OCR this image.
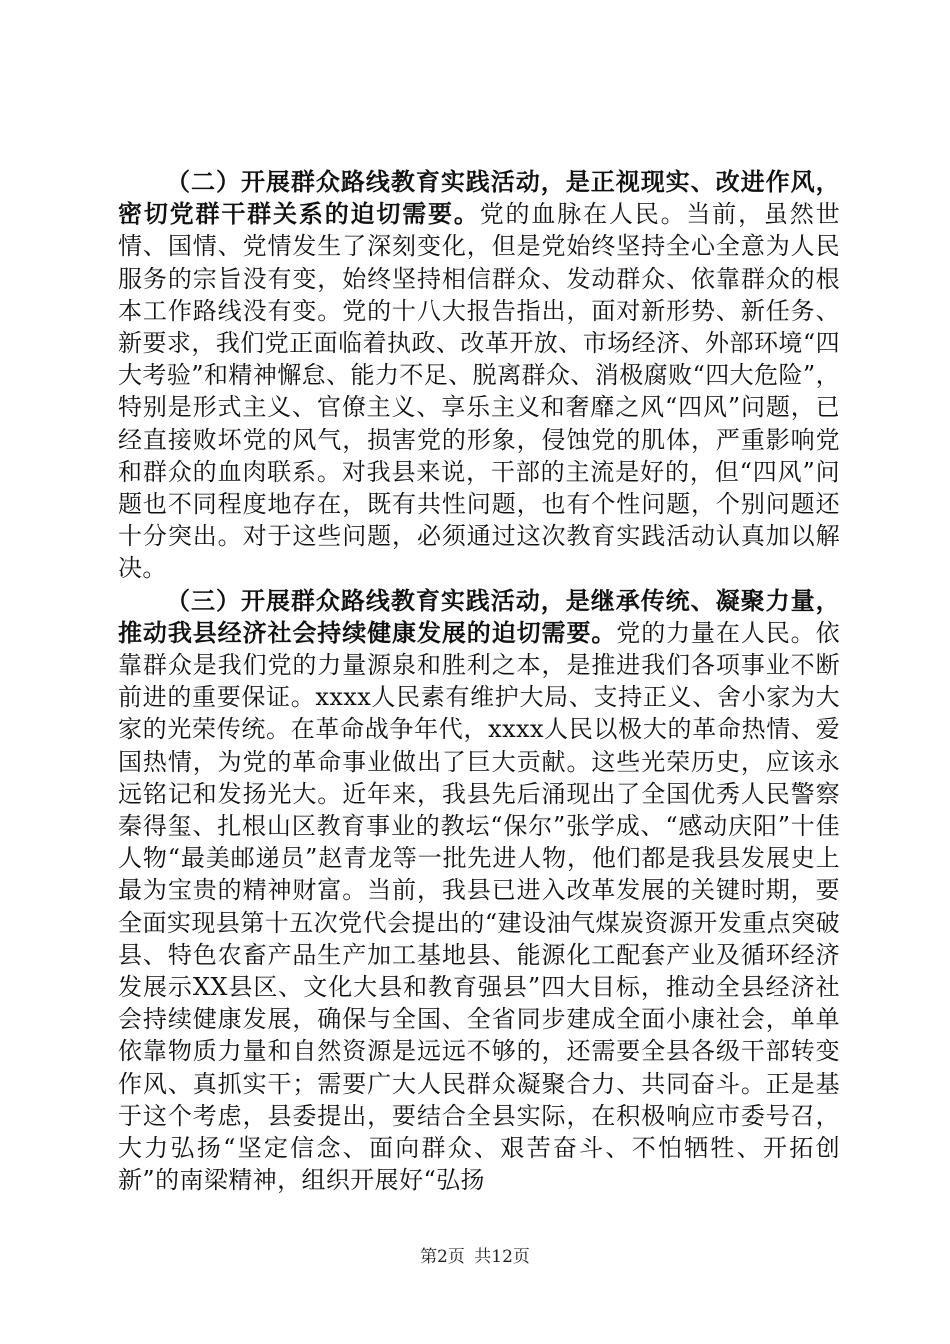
（二）开展群众路线教育实践活动，是正视现实、改进作风，密切党群干群关系的迫切需要。党的血脉在人民。当前，虽然世情、国情、党情发生了深刻变化，但是党始终坚持全心全意为人民服务的宗旨没有变，始终坚持相信群众、发动群众、依靠群众的根本工作路线没有变。党的十八大报告指出，面对新形势、新任务、新要求，我们党正面临着执政、改革开放、市场经济、外部环境“四大考验”和精神懈怠、能力不足、脱离群众、消极腐败“四大危险”，特别是形式主义、官僚主义、享乐主义和奢靡之风“四风”问题，已经直接败坏党的风气，损害党的形象，侵蚀党的肌体，严重影响党和群众的血肉联系。对我县来说，干部的主流是好的，但“四风”问题也不同程度地存在，既有共性问题，也有个性问题，个别问题还十分突出。对于这些问题，必须通过这次教育实践活动认真加以解决。

（三）开展群众路线教育实践活动，是继承传统、凝聚力量，推动我县经济社会持续健康发展的迫切需要。党的力量在人民。依靠群众是我们党的力量源泉和胜利之本，是推进我们各项事业不断前进的重要保证。xxxx人民素有维护大局、支持正义、舍小家为大家的光荣传统。在革命战争年代，xxxx人民以极大的革命热情、爱国热情，为党的革命事业做出了巨大贡献。这些光荣历史，应该永远铭记和发扬光大。近年来，我县先后涌现出了全国优秀人民警察秦得玺、扎根山区教育事业的教坛“保尔”张学成、“感动庆阳”十佳人物“最美邮递员”赵青龙等一批先进人物，他们都是我县发展史上最为宝贵的精神财富。当前，我县已进入改革发展的关键时期，要全面实现县第十五次党代会提出的“建设油气煤炭资源开发重点突破县、特色农畜产品生产加工基地县、能源化工配套产业及循环经济发展示XX县区、文化大县和教育强县”四大目标，推动全县经济社会持续健康发展，确保与全国、全省同步建成全面小康社会，单单依靠物质力量和自然资源是远远不够的，还需要全县各级干部转变作风、真抓实干；需要广大人民群众凝聚合力、共同奋斗。正是基于这个考虑，县委提出，要结合全县实际，在积极响应市委号召，大力弘扬“坚定信念、面向群众、艰苦奋斗、不怕牺牲、开拓创新”的南梁精神，组织开展好“弘扬

第2页 共12页
